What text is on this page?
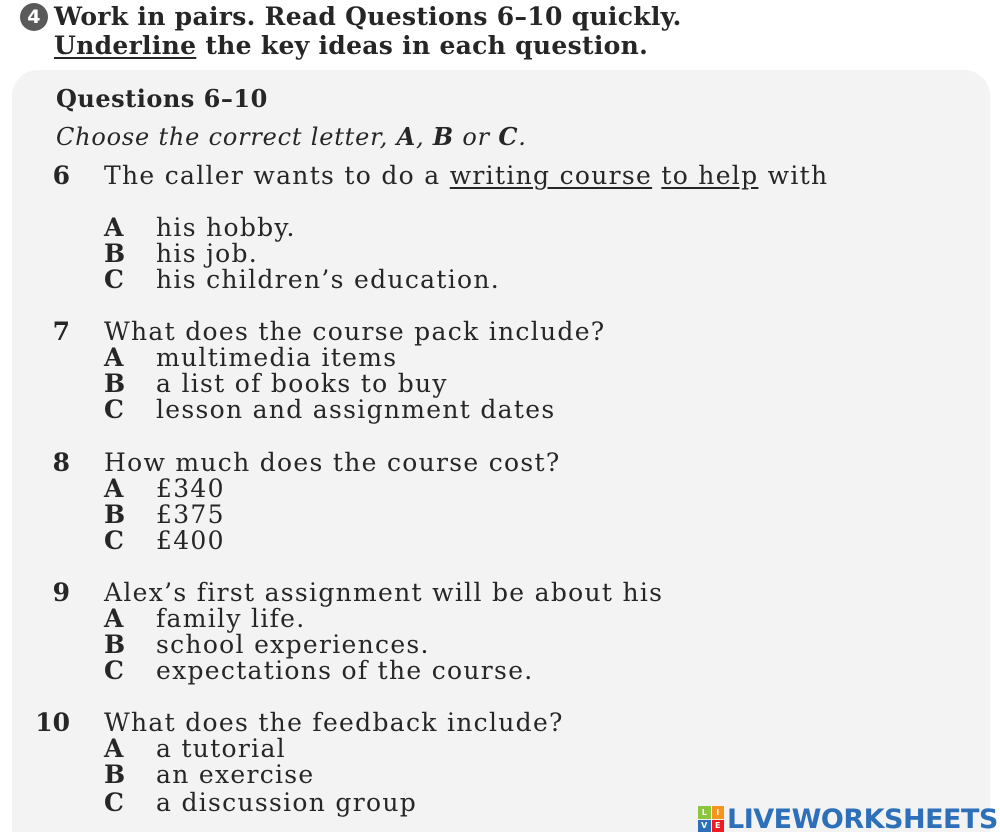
4 Work in pairs. Read Questions 6–10 quickly.
Underline the key ideas in each question.
Questions 6–10
Choose the correct letter, A, B or C.
6 The caller wants to do a writing course to help with
A his hobby.
B his job.
C his children’s education.
7 What does the course pack include?
A multimedia items
B a list of books to buy
C lesson and assignment dates
8 How much does the course cost?
A £340
B £375
C £400
9 Alex’s first assignment will be about his
A family life.
B school experiences.
C expectations of the course.
10 What does the feedback include?
A a tutorial
B an exercise
C a discussion group	L	I
V E LIVEWORKSHEETS
